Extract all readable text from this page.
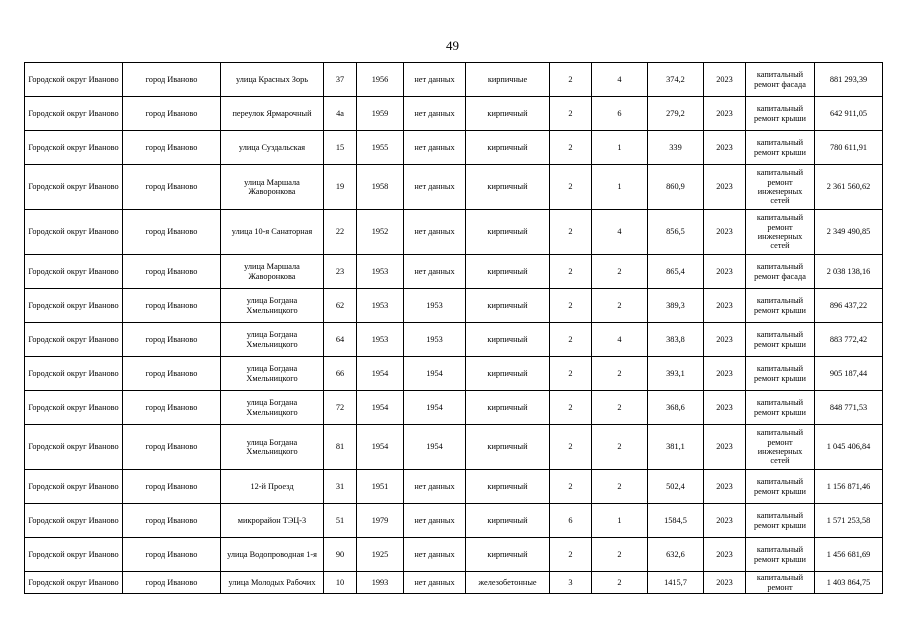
49
Городской округ Иваново	город Иваново	улица Красных Зорь	37	1956	нет данных	кирпичные	2	4	374,2	2023	капитальный ремонт фасада	881 293,39
Городской округ Иваново	город Иваново	переулок Ярмарочный	4а	1959	нет данных	кирпичный	2	6	279,2	2023	капитальный ремонт крыши	642 911,05
Городской округ Иваново	город Иваново	улица Суздальская	15	1955	нет данных	кирпичный	2	1	339	2023	капитальный ремонт крыши	780 611,91
Городской округ Иваново	город Иваново	улица Маршала Жаворонкова	19	1958	нет данных	кирпичный	2	1	860,9	2023	капитальный ремонт инженерных сетей	2 361 560,62
Городской округ Иваново	город Иваново	улица 10-я Санаторная	22	1952	нет данных	кирпичный	2	4	856,5	2023	капитальный ремонт инженерных сетей	2 349 490,85
Городской округ Иваново	город Иваново	улица Маршала Жаворонкова	23	1953	нет данных	кирпичный	2	2	865,4	2023	капитальный ремонт фасада	2 038 138,16
Городской округ Иваново	город Иваново	улица Богдана Хмельницкого	62	1953	1953	кирпичный	2	2	389,3	2023	капитальный ремонт крыши	896 437,22
Городской округ Иваново	город Иваново	улица Богдана Хмельницкого	64	1953	1953	кирпичный	2	4	383,8	2023	капитальный ремонт крыши	883 772,42
Городской округ Иваново	город Иваново	улица Богдана Хмельницкого	66	1954	1954	кирпичный	2	2	393,1	2023	капитальный ремонт крыши	905 187,44
Городской округ Иваново	город Иваново	улица Богдана Хмельницкого	72	1954	1954	кирпичный	2	2	368,6	2023	капитальный ремонт крыши	848 771,53
Городской округ Иваново	город Иваново	улица Богдана Хмельницкого	81	1954	1954	кирпичный	2	2	381,1	2023	капитальный ремонт инженерных сетей	1 045 406,84
Городской округ Иваново	город Иваново	12-й Проезд	31	1951	нет данных	кирпичный	2	2	502,4	2023	капитальный ремонт крыши	1 156 871,46
Городской округ Иваново	город Иваново	микрорайон ТЭЦ-3	51	1979	нет данных	кирпичный	6	1	1584,5	2023	капитальный ремонт крыши	1 571 253,58
Городской округ Иваново	город Иваново	улица Водопроводная 1-я	90	1925	нет данных	кирпичный	2	2	632,6	2023	капитальный ремонт крыши	1 456 681,69
Городской округ Иваново	город Иваново	улица Молодых Рабочих	10	1993	нет данных	железобетонные	3	2	1415,7	2023	капитальный ремонт	1 403 864,75
